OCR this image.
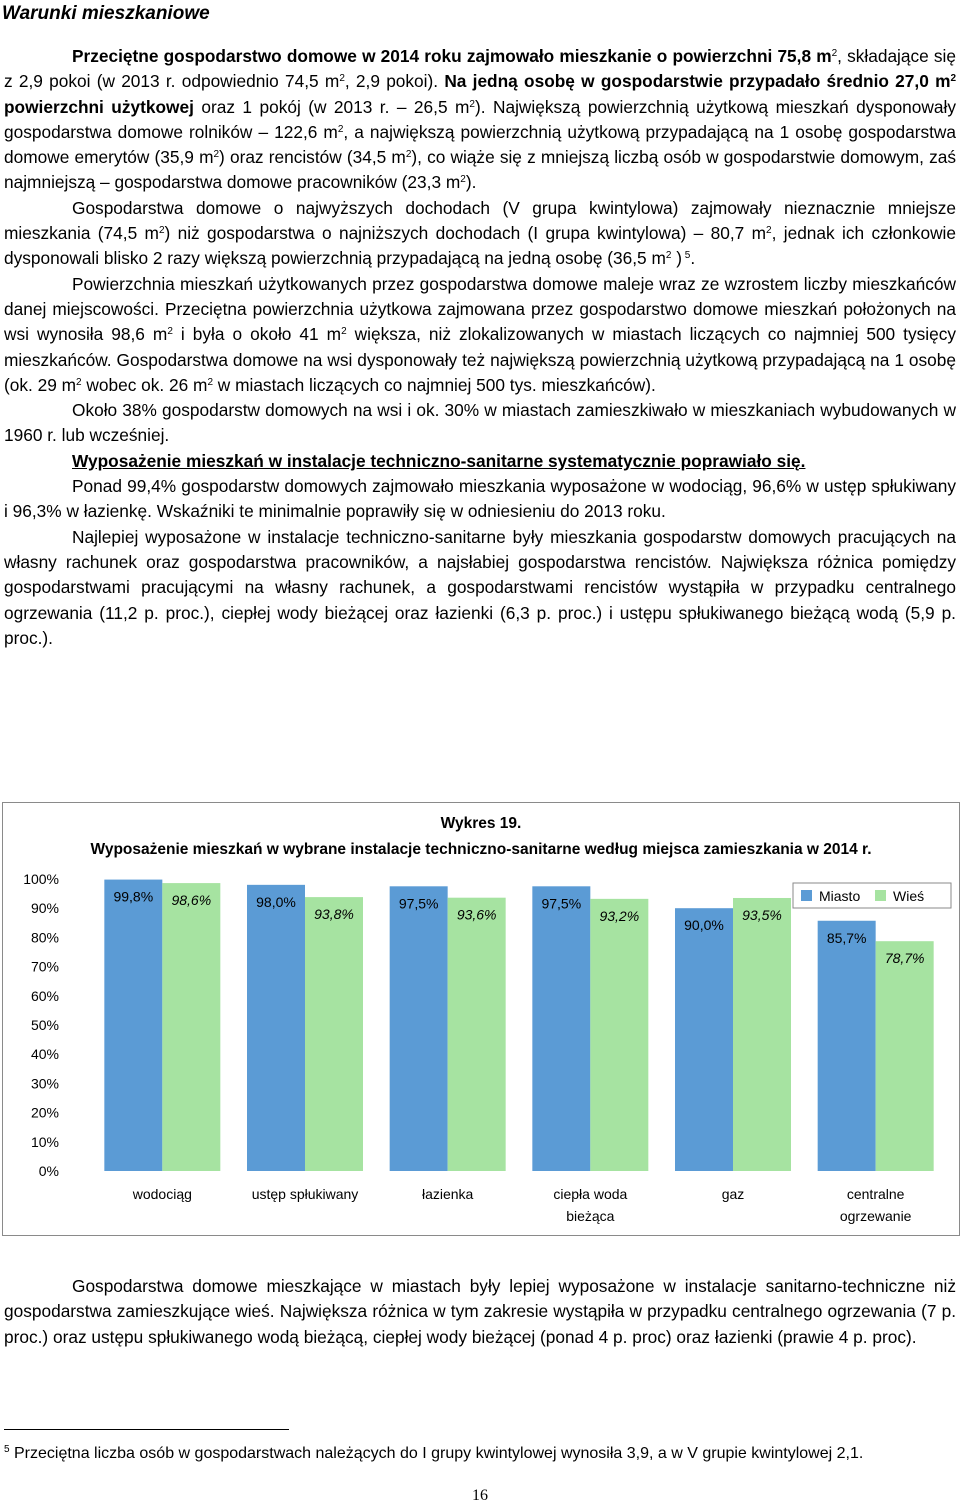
Warunki mieszkaniowe

Przeciętne gospodarstwo domowe w 2014 roku zajmowało mieszkanie o powierzchni 75,8 $m^2$, składające się z 2,9 pokoi (w 2013 r. odpowiednio 74,5 $m^2$, 2,9 pokoi). Na jedną osobę w gospodarstwie przypadało średnio 27,0 $m^2$ powierzchni użytkowej oraz 1 pokój (w 2013 r. – 26,5 $m^2$). Największą powierzchnią użytkową mieszkań dysponowały gospodarstwa domowe rolników – 122,6 $m^2$, a największą powierzchnią użytkową przypadającą na 1 osobę gospodarstwa domowe emerytów (35,9 $m^2$) oraz rencistów (34,5 $m^2$), co wiąże się z mniejszą liczbą osób w gospodarstwie domowym, zaś najmniejszą – gospodarstwa domowe pracowników (23,3 $m^2$).

Gospodarstwa domowe o najwyższych dochodach (V grupa kwintylowa) zajmowały nieznacznie mniejsze mieszkania (74,5 $m^2$) niż gospodarstwa o najniższych dochodach (I grupa kwintylowa) – 80,7 $m^2$, jednak ich członkowie dysponowali blisko 2 razy większą powierzchnią przypadającą na jedną osobę (36,5 $m^2$ ) $^5$.

Powierzchnia mieszkań użytkowanych przez gospodarstwa domowe maleje wraz ze wzrostem liczby mieszkańców danej miejscowości. Przeciętna powierzchnia użytkowa zajmowana przez gospodarstwo domowe mieszkań położonych na wsi wynosiła 98,6 $m^2$ i była o około 41 $m^2$ większa, niż zlokalizowanych w miastach liczących co najmniej 500 tysięcy mieszkańców. Gospodarstwa domowe na wsi dysponowały też największą powierzchnią użytkową przypadającą na 1 osobę (ok. 29 $m^2$ wobec ok. 26 $m^2$ w miastach liczących co najmniej 500 tys. mieszkańców).

Około 38% gospodarstw domowych na wsi i ok. 30% w miastach zamieszkiwało w mieszkaniach wybudowanych w 1960 r. lub wcześniej.

Wyposażenie mieszkań w instalacje techniczno-sanitarne systematycznie poprawiało się.

Ponad 99,4% gospodarstw domowych zajmowało mieszkania wyposażone w wodociąg, 96,6% w ustęp spłukiwany i 96,3% w łazienkę. Wskaźniki te minimalnie poprawiły się w odniesieniu do 2013 roku.

Najlepiej wyposażone w instalacje techniczno-sanitarne były mieszkania gospodarstw domowych pracujących na własny rachunek oraz gospodarstwa pracowników, a najsłabiej gospodarstwa rencistów. Największa różnica pomiędzy gospodarstwami pracującymi na własny rachunek, a gospodarstwami rencistów wystąpiła w przypadku centralnego ogrzewania (11,2 p. proc.), ciepłej wody bieżącej oraz łazienki (6,3 p. proc.) i ustępu spłukiwanego bieżącą wodą (5,9 p. proc.).

Wykres 19.
Wyposażenie mieszkań w wybrane instalacje techniczno-sanitarne według miejsca zamieszkania w 2014 r.
0%
10%
20%
30%
40%
50%
60%
70%
80%
90%
100%
99,8%	98,0%	97,5%	97,5%
90,0%
85,7%
98,6%
93,8%	93,6%	93,2%	93,5%
78,7%
wodociąg	ustęp spłukiwany	łazienka	ciepła woda
bieżąca
gaz	centralne
ogrzewanie
Miasto Wieś

Gospodarstwa domowe mieszkające w miastach były lepiej wyposażone w instalacje sanitarno-techniczne niż gospodarstwa zamieszkujące wieś. Największa różnica w tym zakresie wystąpiła w przypadku centralnego ogrzewania (7 p. proc.) oraz ustępu spłukiwanego wodą bieżącą, ciepłej wody bieżącej (ponad 4 p. proc) oraz łazienki (prawie 4 p. proc).

$^5$ Przeciętna liczba osób w gospodarstwach należących do I grupy kwintylowej wynosiła 3,9, a w V grupie kwintylowej 2,1.
16
